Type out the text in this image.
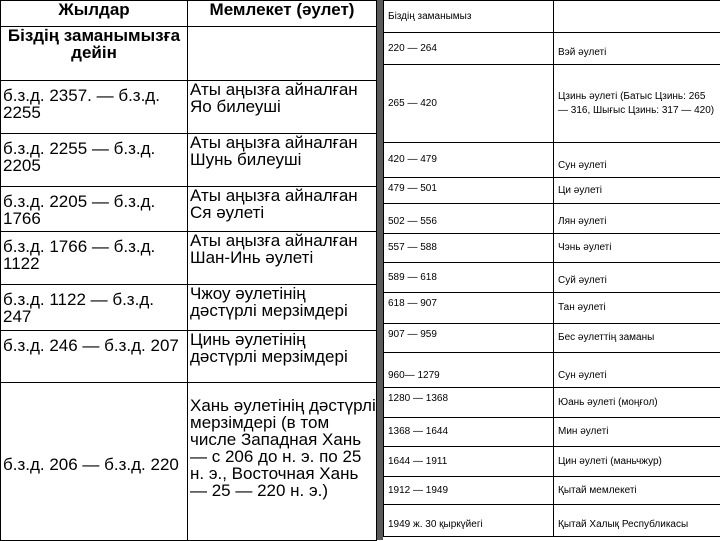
Жылдар	Мемлекет (әулет)
Біздің заманымызға дейін	
б.з.д. 2357. — б.з.д. 2255	Аты аңызға айналған Яо билеуші
б.з.д. 2255 — б.з.д. 2205	Аты аңызға айналған Шунь билеуші
б.з.д. 2205 — б.з.д. 1766	Аты аңызға айналған Ся әулеті
б.з.д. 1766 — б.з.д. 1122	Аты аңызға айналған Шан-Инь әулеті
б.з.д. 1122 — б.з.д. 247	Чжоу әулетінің дәстүрлі мерзімдері
б.з.д. 246 — б.з.д. 207	Цинь әулетінің дәстүрлі мерзімдері
б.з.д. 206 — б.з.д. 220	Хань әулетінің дәстүрлі мерзімдері (в том числе Западная Хань — с 206 до н. э. по 25 н. э., Восточная Хань — 25 — 220 н. э.)
Біздің заманымыз	
220 — 264	Вэй әулеті
265 — 420	Цзинь әулеті (Батыс Цзинь: 265 — 316, Шығыс Цзинь: 317 — 420)
420 — 479	Сун әулеті
479 — 501	Ци әулеті
502 — 556	Лян әулеті
557 — 588	Чэнь әулеті
589 — 618	Суй әулеті
618 — 907	Тан әулеті
907 — 959	Бес әулеттің заманы
960— 1279	Сун әулеті
1280 — 1368	Юань әулеті (моңғол)
1368 — 1644	Мин әулеті
1644 — 1911	Цин әулеті (маньчжур)
1912 — 1949	Қытай мемлекеті
1949 ж. 30 қыркүйегі	Қытай Халық Республикасы
